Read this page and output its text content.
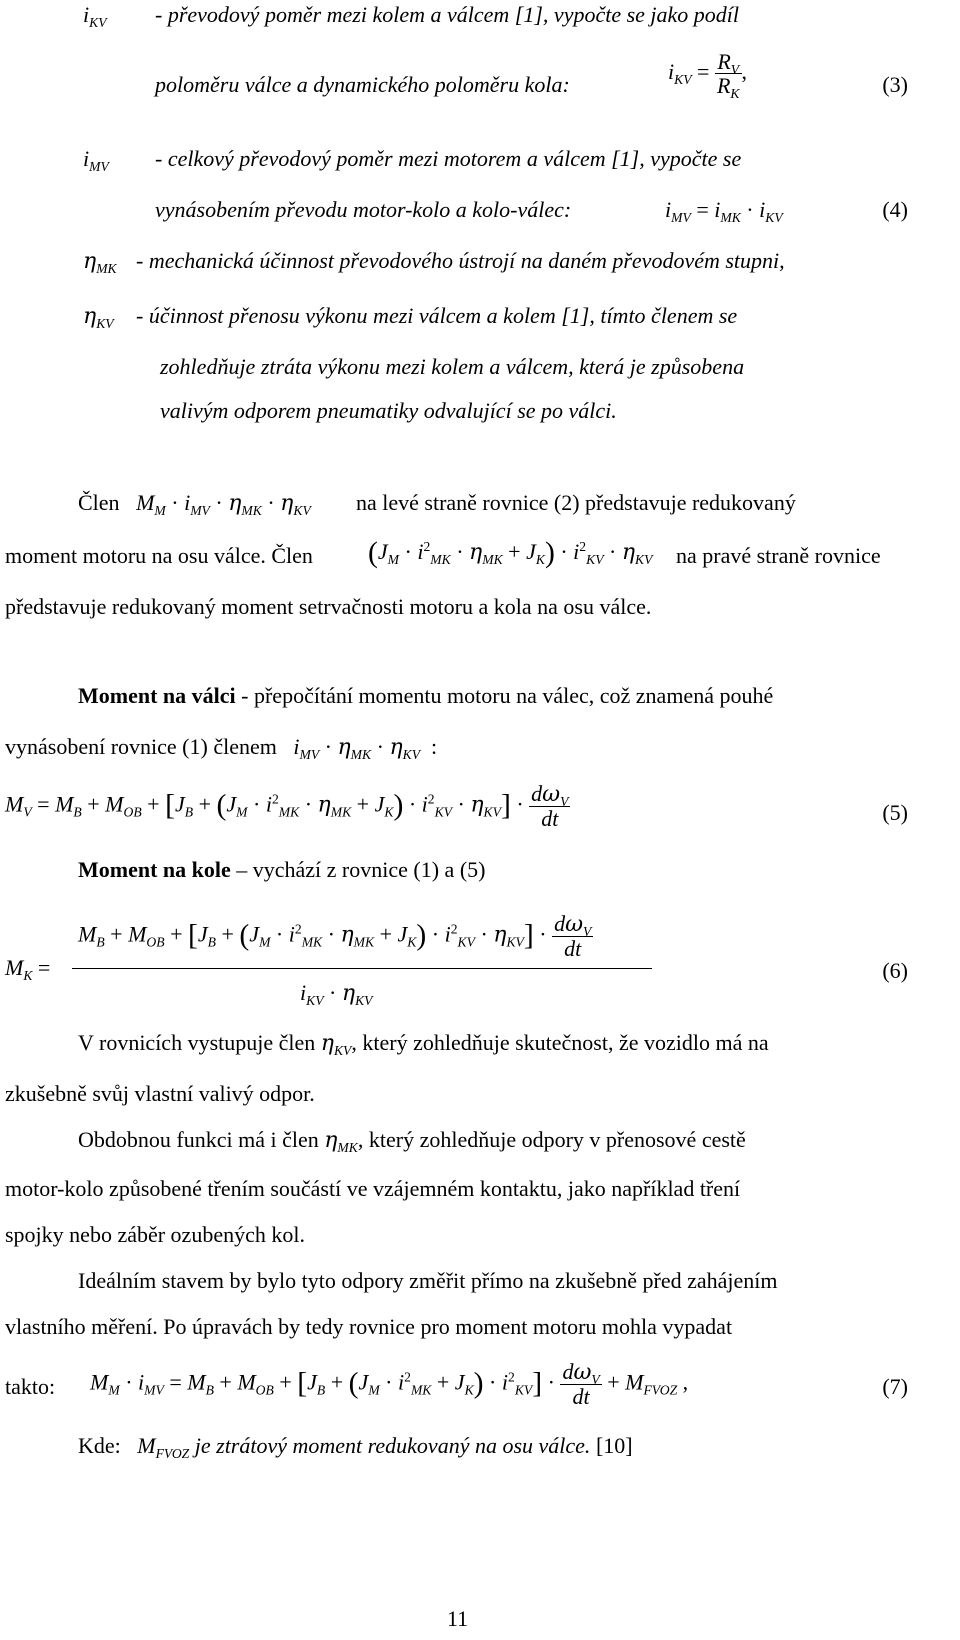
$i_{KV}$ - převodový poměr mezi kolem a válcem [1], vypočte se jako podíl
poloměru válce a dynamického poloměru kola:
$i_{KV} = \frac{R_V}{R_K}$ ,
(3)
$i_{MV}$ - celkový převodový poměr mezi motorem a válcem [1], vypočte se
vynásobením převodu motor-kolo a kolo-válec:	$i_{MV} = i_{MK} \cdot i_{KV}$	(4)
$\eta_{MK}$ - mechanická účinnost převodového ústrojí na daném převodovém stupni,
$\eta_{KV}$ - účinnost přenosu výkonu mezi válcem a kolem [1], tímto členem se
zohledňuje ztráta výkonu mezi kolem a válcem, která je způsobena
valivým odporem pneumatiky odvalující se po válci.
Člen $M_M \cdot i_{MV} \cdot \eta_{MK} \cdot \eta_{KV}$ na levé straně rovnice (2) představuje redukovaný
moment motoru na osu válce. Člen $(J_M \cdot i^2_{MK} \cdot \eta_{MK} + J_K) \cdot i^2_{KV} \cdot \eta_{KV}$ na pravé straně rovnice
představuje redukovaný moment setrvačnosti motoru a kola na osu válce.
Moment na válci - přepočítání momentu motoru na válec, což znamená pouhé
vynásobení rovnice (1) členem $i_{MV} \cdot \eta_{MK} \cdot \eta_{KV}$ :
$M_V = M_B + M_{OB} + [J_B + (J_M \cdot i^2_{MK} \cdot \eta_{MK} + J_K) \cdot i^2_{KV} \cdot \eta_{KV}] \cdot \frac{d\omega_V}{dt}$	(5)
Moment na kole – vychází z rovnice (1) a (5)
$M_K$ =
$M_B + M_{OB} + [J_B + (J_M \cdot i^2_{MK} \cdot \eta_{MK} + J_K) \cdot i^2_{KV} \cdot \eta_{KV}] \cdot \frac{d\omega_V}{dt}$
$i_{KV} \cdot \eta_{KV}$
(6)
V rovnicích vystupuje člen $\eta_{KV}$, který zohledňuje skutečnost, že vozidlo má na
zkušebně svůj vlastní valivý odpor.
Obdobnou funkci má i člen $\eta_{MK}$, který zohledňuje odpory v přenosové cestě
motor-kolo způsobené třením součástí ve vzájemném kontaktu, jako například tření
spojky nebo záběr ozubených kol.
Ideálním stavem by bylo tyto odpory změřit přímo na zkušebně před zahájením
vlastního měření. Po úpravách by tedy rovnice pro moment motoru mohla vypadat
takto: $M_M \cdot i_{MV} = M_B + M_{OB} + [J_B + (J_M \cdot i^2_{MK} + J_K) \cdot i^2_{KV}] \cdot \frac{d\omega_V}{dt} + M_{FVOZ}$ ,	(7)
Kde: $M_{FVOZ}$ je ztrátový moment redukovaný na osu válce. [10]
11
